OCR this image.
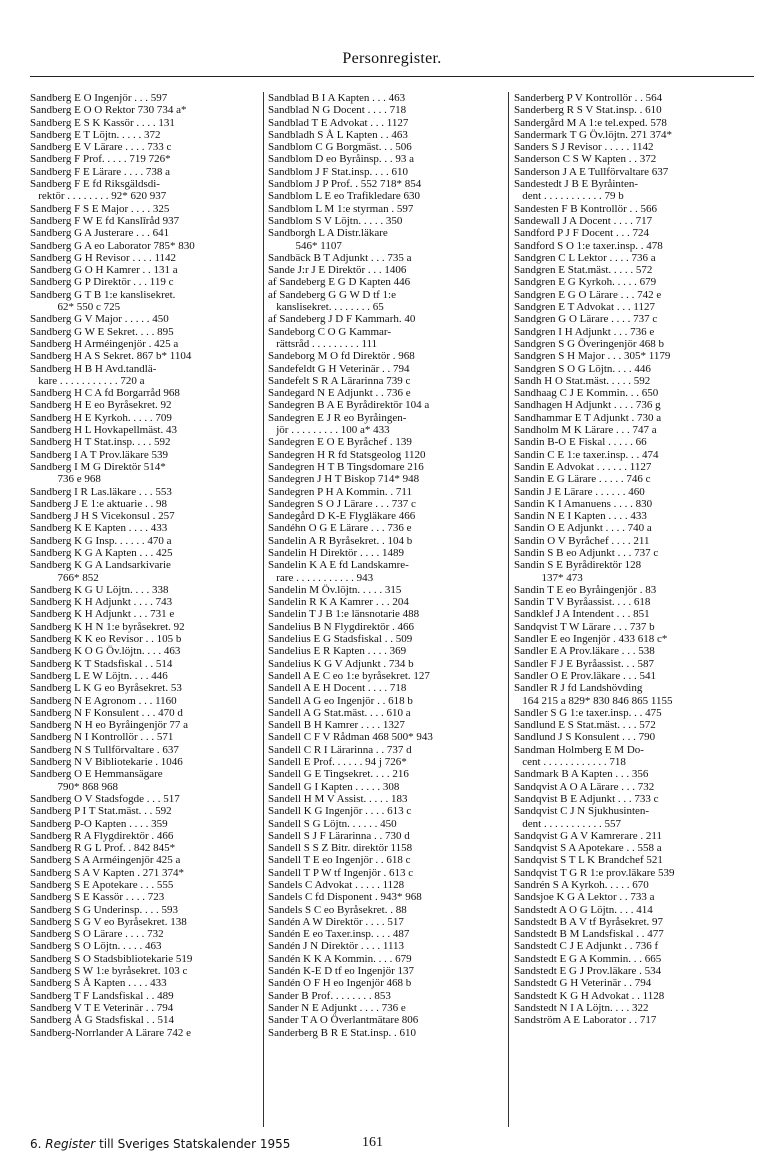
Personregister.
Sandberg E O Ingenjör . . . 597
Sandberg E O O Rektor 730 734 a*
Sandberg E S K Kassör . . . . 131
Sandberg E T Löjtn. . . . . 372
Sandberg E V Lärare . . . . 733 c
Sandberg F Prof. . . . . 719 726*
Sandberg F E Lärare . . . . 738 a
Sandberg F E fd Riksgäldsdi-
rektör . . . . . . . . 92* 620 937
Sandberg F S E Major . . . . 325
Sandberg F W E fd Kanslīråd 937
Sandberg G A Justerare . . . 641
Sandberg G A eo Laborator 785* 830
Sandberg G H Revisor . . . . 1142
Sandberg G O H Kamrer . . 131 a
Sandberg G P Direktör . . . 119 c
Sandberg G T B 1:e kanslisekret.
62* 550 c 725
Sandberg G V Major . . . . . 450
Sandberg G W E Sekret. . . . 895
Sandberg H Arméingenjör . 425 a
Sandberg H A S Sekret. 867 b* 1104
Sandberg H B H Avd.tandlä-
kare . . . . . . . . . . . 720 a
Sandberg H C A fd Borgarråd 968
Sandberg H E eo Byråsekret. 92
Sandberg H E Kyrkoh. . . . . 709
Sandberg H L Hovkapellmäst. 43
Sandberg H T Stat.insp. . . . 592
Sandberg I A T Prov.läkare 539
Sandberg I M G Direktör 514*
736 e 968
Sandberg I R Las.läkare . . . 553
Sandberg J E 1:e aktuarie . . 98
Sandberg J H S Vicekonsul . 257
Sandberg K E Kapten . . . . 433
Sandberg K G Insp. . . . . . 470 a
Sandberg K G A Kapten . . . 425
Sandberg K G A Landsarkivarie
766* 852
Sandberg K G U Löjtn. . . . 338
Sandberg K H Adjunkt . . . . 743
Sandberg K H Adjunkt . . . 731 e
Sandberg K H N 1:e byråsekret. 92
Sandberg K K eo Revisor . . 105 b
Sandberg K O G Öv.löjtn. . . . 463
Sandberg K T Stadsfiskal . . 514
Sandberg L E W Löjtn. . . . 446
Sandberg L K G eo Byråsekret. 53
Sandberg N E Agronom . . . 1160
Sandberg N F Konsulent . . . 470 d
Sandberg N H eo Byråingenjör 77 a
Sandberg N I Kontrollör . . . 571
Sandberg N S Tullförvaltare . 637
Sandberg N V Bibliotekarie . 1046
Sandberg O E Hemmansägare
790* 868 968
Sandberg O V Stadsfogde . . . 517
Sandberg P I T Stat.mäst. . . 592
Sandberg P-O Kapten . . . . 359
Sandberg R A Flygdirektör . 466
Sandberg R G L Prof. . 842 845*
Sandberg S A Arméingenjör 425 a
Sandberg S A V Kapten . 271 374*
Sandberg S E Apotekare . . . 555
Sandberg S E Kassör . . . . 723
Sandberg S G Underinsp. . . . 593
Sandberg S G V eo Byråsekret. 138
Sandberg S O Lärare . . . . 732
Sandberg S O Löjtn. . . . . 463
Sandberg S O Stadsbibliotekarie 519
Sandberg S W 1:e byråsekret. 103 c
Sandberg S Å Kapten . . . . 433
Sandberg T F Landsfiskal . . 489
Sandberg V T E Veterinär . . 794
Sandberg Å G Stadsfiskal . . 514
Sandberg-Norrlander A Lärare 742 e
Sandblad B I A Kapten . . . 463
Sandblad N G Docent . . . . 718
Sandblad T E Advokat . . . 1127
Sandbladh S Å L Kapten . . 463
Sandblom C G Borgmäst. . . 506
Sandblom D eo Byråinsp. . . 93 a
Sandblom J F Stat.insp. . . . 610
Sandblom J P Prof. . 552 718* 854
Sandblom L E eo Trafikledare 630
Sandblom L M 1:e styrman . 597
Sandblom S V Löjtn. . . . . 350
Sandborgh L A Distr.läkare
546* 1107
Sandbäck B T Adjunkt . . . 735 a
Sande J:r J E Direktör . . . 1406
af Sandeberg E G D Kapten 446
af Sandeberg G G W D tf 1:e
kanslisekret. . . . . . . . 65
af Sandeberg J D F Kammarh. 40
Sandeborg C O G Kammar-
rättsråd . . . . . . . . . 111
Sandeborg M O fd Direktör . 968
Sandefeldt G H Veterinär . . 794
Sandefelt S R A Lärarinna 739 c
Sandegard N E Adjunkt . . 736 e
Sandegren B A E Byrådirektör 104 a
Sandegren E J R eo Byråingen-
jör . . . . . . . . . 100 a* 433
Sandegren E O E Byråchef . 139
Sandegren H R fd Statsgeolog 1120
Sandegren H T B Tingsdomare 216
Sandegren J H T Biskop 714* 948
Sandegren P H A Kommin. . 711
Sandegren S O J Lärare . . . 737 c
Sandegård D K-E Flygläkare 466
Sandéhn O G E Lärare . . . 736 e
Sandelin A R Byråsekret. . 104 b
Sandelin H Direktör . . . . 1489
Sandelin K A E fd Landskamre-
rare . . . . . . . . . . . 943
Sandelin M Öv.löjtn. . . . . 315
Sandelin R K A Kamrer . . . 204
Sandelin T J B 1:e länsnotarie 488
Sandelius B N Flygdirektör . 466
Sandelius E G Stadsfiskal . . 509
Sandelius E R Kapten . . . . 369
Sandelius K G V Adjunkt . 734 b
Sandell A E C eo 1:e byråsekret. 127
Sandell A E H Docent . . . . 718
Sandell A G eo Ingenjör . . 618 b
Sandell A G Stat.mäst. . . . 610 a
Sandell B H Kamrer . . . . 1327
Sandell C F V Rådman 468 500* 943
Sandell C R I Lärarinna . . 737 d
Sandell E Prof. . . . . . 94 j 726*
Sandell G E Tingsekret. . . . 216
Sandell G I Kapten . . . . . 308
Sandell H M V Assist. . . . . 183
Sandell K G Ingenjör . . . . 613 c
Sandell S G Löjtn. . . . . . 450
Sandell S J F Lärarinna . . 730 d
Sandell S S Z Bitr. direktör 1158
Sandell T E eo Ingenjör . . 618 c
Sandell T P W tf Ingenjör . 613 c
Sandels C Advokat . . . . . 1128
Sandels C fd Disponent . 943* 968
Sandels S C eo Byråsekret. . 88
Sandén A W Direktör . . . . 517
Sandén E eo Taxer.insp. . . . 487
Sandén J N Direktör . . . . 1113
Sandén K K A Kommin. . . . 679
Sandén K-E D tf eo Ingenjör 137
Sandén O F H eo Ingenjör 468 b
Sander B Prof. . . . . . . . 853
Sander N E Adjunkt . . . . 736 e
Sander T A O Överlantmätare 806
Sanderberg B R E Stat.insp. . 610
Sanderberg P V Kontrollör . . 564
Sanderberg R S V Stat.insp. . 610
Sandergård M A 1:e tel.exped. 578
Sandermark T G Öv.löjtn. 271 374*
Sanders S J Revisor . . . . . 1142
Sanderson C S W Kapten . . 372
Sanderson J A E Tullförvaltare 637
Sandestedt J B E Byråinten-
dent . . . . . . . . . . . 79 b
Sandesten F B Kontrollör . . 566
Sandewall J A Docent . . . . 717
Sandford P J F Docent . . . 724
Sandford S O 1:e taxer.insp. . 478
Sandgren C L Lektor . . . . 736 a
Sandgren E Stat.mäst. . . . . 572
Sandgren E G Kyrkoh. . . . . 679
Sandgren E G O Lärare . . . 742 e
Sandgren E T Advokat . . . 1127
Sandgren G O Lärare . . . . 737 c
Sandgren I H Adjunkt . . . 736 e
Sandgren S G Överingenjör 468 b
Sandgren S H Major . . . 305* 1179
Sandgren S O G Löjtn. . . . 446
Sandh H O Stat.mäst. . . . . 592
Sandhaag C J E Kommin. . . 650
Sandhagen H Adjunkt . . . . 736 g
Sandhammar E T Adjunkt . 730 a
Sandholm M K Lärare . . . 747 a
Sandin B-O E Fiskal . . . . . 66
Sandin C E 1:e taxer.insp. . . 474
Sandin E Advokat . . . . . . 1127
Sandin E G Lärare . . . . . 746 c
Sandin J E Lärare . . . . . . 460
Sandin K I Amanuens . . . . 830
Sandin N E I Kapten . . . . 433
Sandin O E Adjunkt . . . . 740 a
Sandin O V Byråchef . . . . 211
Sandin S B eo Adjunkt . . . 737 c
Sandin S E Byrådirektör 128
137* 473
Sandin T E eo Byråingenjör . 83
Sandin T V Byråassist. . . . 618
Sandklef J A Intendent . . . 851
Sandqvist T W Lärare . . . 737 b
Sandler E eo Ingenjör . 433 618 c*
Sandler E A Prov.läkare . . . 538
Sandler F J E Byråassist. . . 587
Sandler O E Prov.läkare . . . 541
Sandler R J fd Landshövding
164 215 a 829* 830 846 865 1155
Sandler S G 1:e taxer.insp. . . 475
Sandlund E S Stat.mäst. . . . 572
Sandlund J S Konsulent . . . 790
Sandman Holmberg E M Do-
cent . . . . . . . . . . . . 718
Sandmark B A Kapten . . . 356
Sandqvist A O A Lärare . . . 732
Sandqvist B E Adjunkt . . . 733 c
Sandqvist C J N Sjukhusinten-
dent . . . . . . . . . . . 557
Sandqvist G A V Kamrerare . 211
Sandqvist S A Apotekare . . 558 a
Sandqvist S T L K Brandchef 521
Sandqvist T G R 1:e prov.läkare 539
Sandrén S A Kyrkoh. . . . . 670
Sandsjoe K G A Lektor . . 733 a
Sandstedt A O G Löjtn. . . . 414
Sandstedt B A V tf Byråsekret. 97
Sandstedt B M Landsfiskal . . 477
Sandstedt C J E Adjunkt . . 736 f
Sandstedt E G A Kommin. . . 665
Sandstedt E G J Prov.läkare . 534
Sandstedt G H Veterinär . . 794
Sandstedt K G H Advokat . . 1128
Sandstedt N I A Löjtn. . . . 322
Sandström A E Laborator . . 717
6. Register till Sveriges Statskalender 1955	161
